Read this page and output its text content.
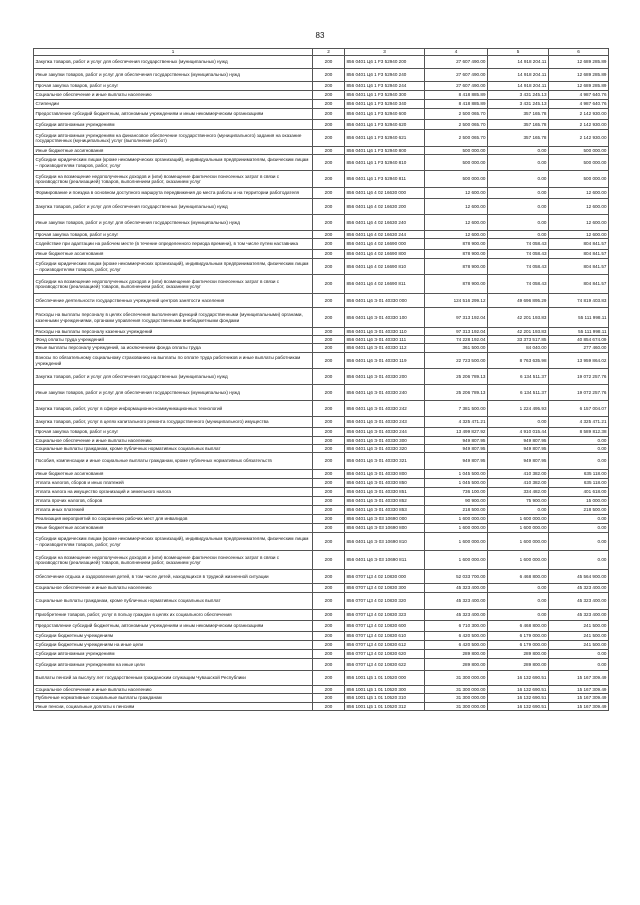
83
1	2	3	4	5	6
Закупка товаров, работ и услуг для обеспечения государственных (муниципальных) нужд	200	856 0401 Ц6 1 F3 52940 200	27 607 490.00	14 918 204.11	12 689 285.89
Иные закупки товаров, работ и услуг для обеспечения государственных (муниципальных) нужд	200	856 0401 Ц6 1 F3 52940 240	27 607 490.00	14 918 204.11	12 689 285.89
Прочая закупка товаров, работ и услуг	200	856 0401 Ц6 1 F3 52940 244	27 607 490.00	14 918 204.11	12 689 285.89
Социальное обеспечение и иные выплаты населению	200	856 0401 Ц6 1 F3 52940 300	8 418 885.89	3 431 245.13	4 987 640.76
Стипендии	200	856 0401 Ц6 1 F3 52940 340	8 418 885.89	3 431 245.13	4 987 640.76
Предоставление субсидий бюджетным, автономным учреждениям и иным некоммерческим организациям	200	856 0401 Ц6 1 F3 52940 600	2 500 065.70	357 165.78	2 142 930.00
Субсидии автономным учреждениям	200	856 0401 Ц6 1 F3 52940 620	2 500 065.70	357 165.78	2 142 930.00
Субсидии автономным учреждениям на финансовое обеспечение государственного (муниципального) задания на оказание государственных (муниципальных) услуг (выполнение работ)	200	856 0401 Ц6 1 F3 52940 621	2 500 065.70	357 165.78	2 142 930.00
Иные бюджетные ассигнования	200	856 0401 Ц6 1 F3 52940 800	500 000.00	0.00	500 000.00
Субсидии юридическим лицам (кроме некоммерческих организаций), индивидуальным предпринимателям, физическим лицам – производителям товаров, работ, услуг	200	856 0401 Ц6 1 F3 52940 810	500 000.00	0.00	500 000.00
Субсидии на возмещение недополученных доходов и (или) возмещение фактически понесенных затрат в связи с производством (реализацией) товаров, выполнением работ, оказанием услуг	200	856 0401 Ц6 1 F3 52940 811	500 000.00	0.00	500 000.00
Формирование и поездка в основном доступного маршрута передвижения до места работы и на территории работодателя	200	856 0401 Ц6 4 02 16630 000	12 600.00	0.00	12 600.00
Закупка товаров, работ и услуг для обеспечения государственных (муниципальных) нужд	200	856 0401 Ц6 4 02 16630 200	12 600.00	0.00	12 600.00
Иные закупки товаров, работ и услуг для обеспечения государственных (муниципальных) нужд	200	856 0401 Ц6 4 02 16630 240	12 600.00	0.00	12 600.00
Прочая закупка товаров, работ и услуг	200	856 0401 Ц6 4 02 16630 244	12 600.00	0.00	12 600.00
Содействие при адаптации на рабочем месте (в течение определенного периода времени), в том числе путем наставника	200	856 0401 Ц6 4 02 16690 000	878 900.00	74 058.43	804 841.57
Иные бюджетные ассигнования	200	856 0401 Ц6 4 02 16690 800	878 900.00	74 058.43	804 841.57
Субсидии юридическим лицам (кроме некоммерческих организаций), индивидуальным предпринимателям, физическим лицам – производителям товаров, работ, услуг	200	856 0401 Ц6 4 02 16690 810	878 900.00	74 058.43	804 841.57
Субсидии на возмещение недополученных доходов и (или) возмещение фактически понесенных затрат в связи с производством (реализацией) товаров, выполнением работ, оказанием услуг	200	856 0401 Ц6 4 02 16690 811	878 900.00	74 058.43	804 841.57
Обеспечение деятельности государственных учреждений центров занятости населения	200	856 0401 Ц6 Э 01 40330 000	124 516 299.12	49 696 895.29	74 819 403.83
Расходы на выплаты персоналу в целях обеспечения выполнения функций государственными (муниципальными) органами, казенными учреждениями, органами управления государственными внебюджетными фондами	200	856 0401 Ц6 Э 01 40330 100	97 313 192.04	42 201 193.83	55 111 998.11
Расходы на выплаты персоналу казенных учреждений	200	856 0401 Ц6 Э 01 40330 110	97 313 192.04	42 201 193.83	55 111 998.11
Фонд оплаты труда учреждений	200	856 0401 Ц6 Э 01 40330 111	74 228 192.04	33 373 517.85	40 854 674.09
Иные выплаты персоналу учреждений, за исключением фонда оплаты труда	200	856 0401 Ц6 Э 01 40330 112	361 500.00	84 040.00	277 460.00
Взносы по обязательному социальному страхованию на выплаты по оплате труда работников и иные выплаты работникам учреждений	200	856 0401 Ц6 Э 01 40330 119	22 723 500.00	8 763 635.98	13 959 864.02
Закупка товаров, работ и услуг для обеспечения государственных (муниципальных) нужд	200	856 0401 Ц6 Э 01 40330 200	25 206 789.13	6 134 511.37	19 072 257.76
Иные закупки товаров, работ и услуг для обеспечения государственных (муниципальных) нужд	200	856 0401 Ц6 Э 01 40330 240	25 206 789.13	6 134 511.37	19 072 257.76
Закупка товаров, работ, услуг в сфере информационно-коммуникационных технологий	200	856 0401 Ц6 Э 01 40330 242	7 381 500.00	1 224 495.93	6 157 004.07
Закупка товаров, работ, услуг в целях капитального ремонта государственного (муниципального) имущества	200	856 0401 Ц6 Э 01 40330 243	4 325 471.21	0.00	4 325 471.21
Прочая закупка товаров, работ и услуг	200	856 0401 Ц6 Э 01 40330 244	13 499 827.92	4 910 015.44	8 589 812.38
Социальное обеспечение и иные выплаты населению	200	856 0401 Ц6 Э 01 40330 300	949 807.95	949 807.95	0.00
Социальные выплаты гражданам, кроме публичных нормативных социальных выплат	200	856 0401 Ц6 Э 01 40330 320	949 807.95	949 807.95	0.00
Пособия, компенсации и иные социальные выплаты гражданам, кроме публичных нормативных обязательств	200	856 0401 Ц6 Э 01 40330 321	949 807.95	949 807.95	0.00
Иные бюджетные ассигнования	200	856 0401 Ц6 Э 01 40330 800	1 045 500.00	410 382.00	635 118.00
Уплата налогов, сборов и иных платежей	200	856 0401 Ц6 Э 01 40330 850	1 045 500.00	410 382.00	635 118.00
Уплата налога на имущество организаций и земельного налога	200	856 0401 Ц6 Э 01 40330 851	736 100.00	334 482.00	401 618.00
Уплата прочих налогов, сборов	200	856 0401 Ц6 Э 01 40330 852	90 900.00	75 900.00	15 000.00
Уплата иных платежей	200	856 0401 Ц6 Э 01 40330 853	218 500.00	0.00	218 500.00
Реализация мероприятий по сохранению рабочих мест для инвалидов	200	856 0401 Ц6 Э 03 10690 000	1 600 000.00	1 600 000.00	0.00
Иные бюджетные ассигнования	200	856 0401 Ц6 Э 03 10690 800	1 600 000.00	1 600 000.00	0.00
Субсидии юридическим лицам (кроме некоммерческих организаций), индивидуальным предпринимателям, физическим лицам – производителям товаров, работ, услуг	200	856 0401 Ц6 Э 03 10690 810	1 600 000.00	1 600 000.00	0.00
Субсидии на возмещение недополученных доходов и (или) возмещение фактически понесенных затрат в связи с производством (реализацией) товаров, выполнением работ, оказанием услуг	200	856 0401 Ц6 Э 03 10690 811	1 600 000.00	1 600 000.00	0.00
Обеспечение отдыха и оздоровления детей, в том числе детей, находящихся в трудной жизненной ситуации	200	856 0707 Ц3 4 02 10830 000	52 033 700.00	6 468 800.00	45 564 900.00
Социальное обеспечение и иные выплаты населению	200	856 0707 Ц3 4 02 10830 300	45 323 400.00	0.00	45 323 400.00
Социальные выплаты гражданам, кроме публичных нормативных социальных выплат	200	856 0707 Ц3 4 02 10830 320	45 323 400.00	0.00	45 323 400.00
Приобретение товаров, работ, услуг в пользу граждан в целях их социального обеспечения	200	856 0707 Ц3 4 02 10830 323	45 323 400.00	0.00	45 323 400.00
Предоставление субсидий бюджетным, автономным учреждениям и иным некоммерческим организациям	200	856 0707 Ц3 4 02 10830 600	6 710 300.00	6 468 800.00	241 500.00
Субсидии бюджетным учреждениям	200	856 0707 Ц3 4 02 10830 610	6 420 500.00	6 179 000.00	241 500.00
Субсидии бюджетным учреждениям на иные цели	200	856 0707 Ц3 4 02 10830 612	6 420 500.00	6 179 000.00	241 500.00
Субсидии автономным учреждениям	200	856 0707 Ц3 4 02 10830 620	289 800.00	289 800.00	0.00
Субсидии автономным учреждениям на иные цели	200	856 0707 Ц3 4 02 10830 622	289 800.00	289 800.00	0.00
Выплаты пенсий за выслугу лет государственным гражданским служащим Чувашской Республики	200	856 1001 Ц5 1 01 10520 000	31 300 000.00	16 132 690.51	15 167 309.49
Социальное обеспечение и иные выплаты населению	200	856 1001 Ц5 1 01 10520 300	31 300 000.00	16 132 690.51	15 167 309.49
Публичные нормативные социальные выплаты гражданам	200	856 1001 Ц5 1 01 10520 310	31 300 000.00	16 132 690.51	15 167 309.49
Иные пенсии, социальные доплаты к пенсиям	200	856 1001 Ц5 1 01 10520 312	31 300 000.00	16 132 690.51	15 167 309.49
